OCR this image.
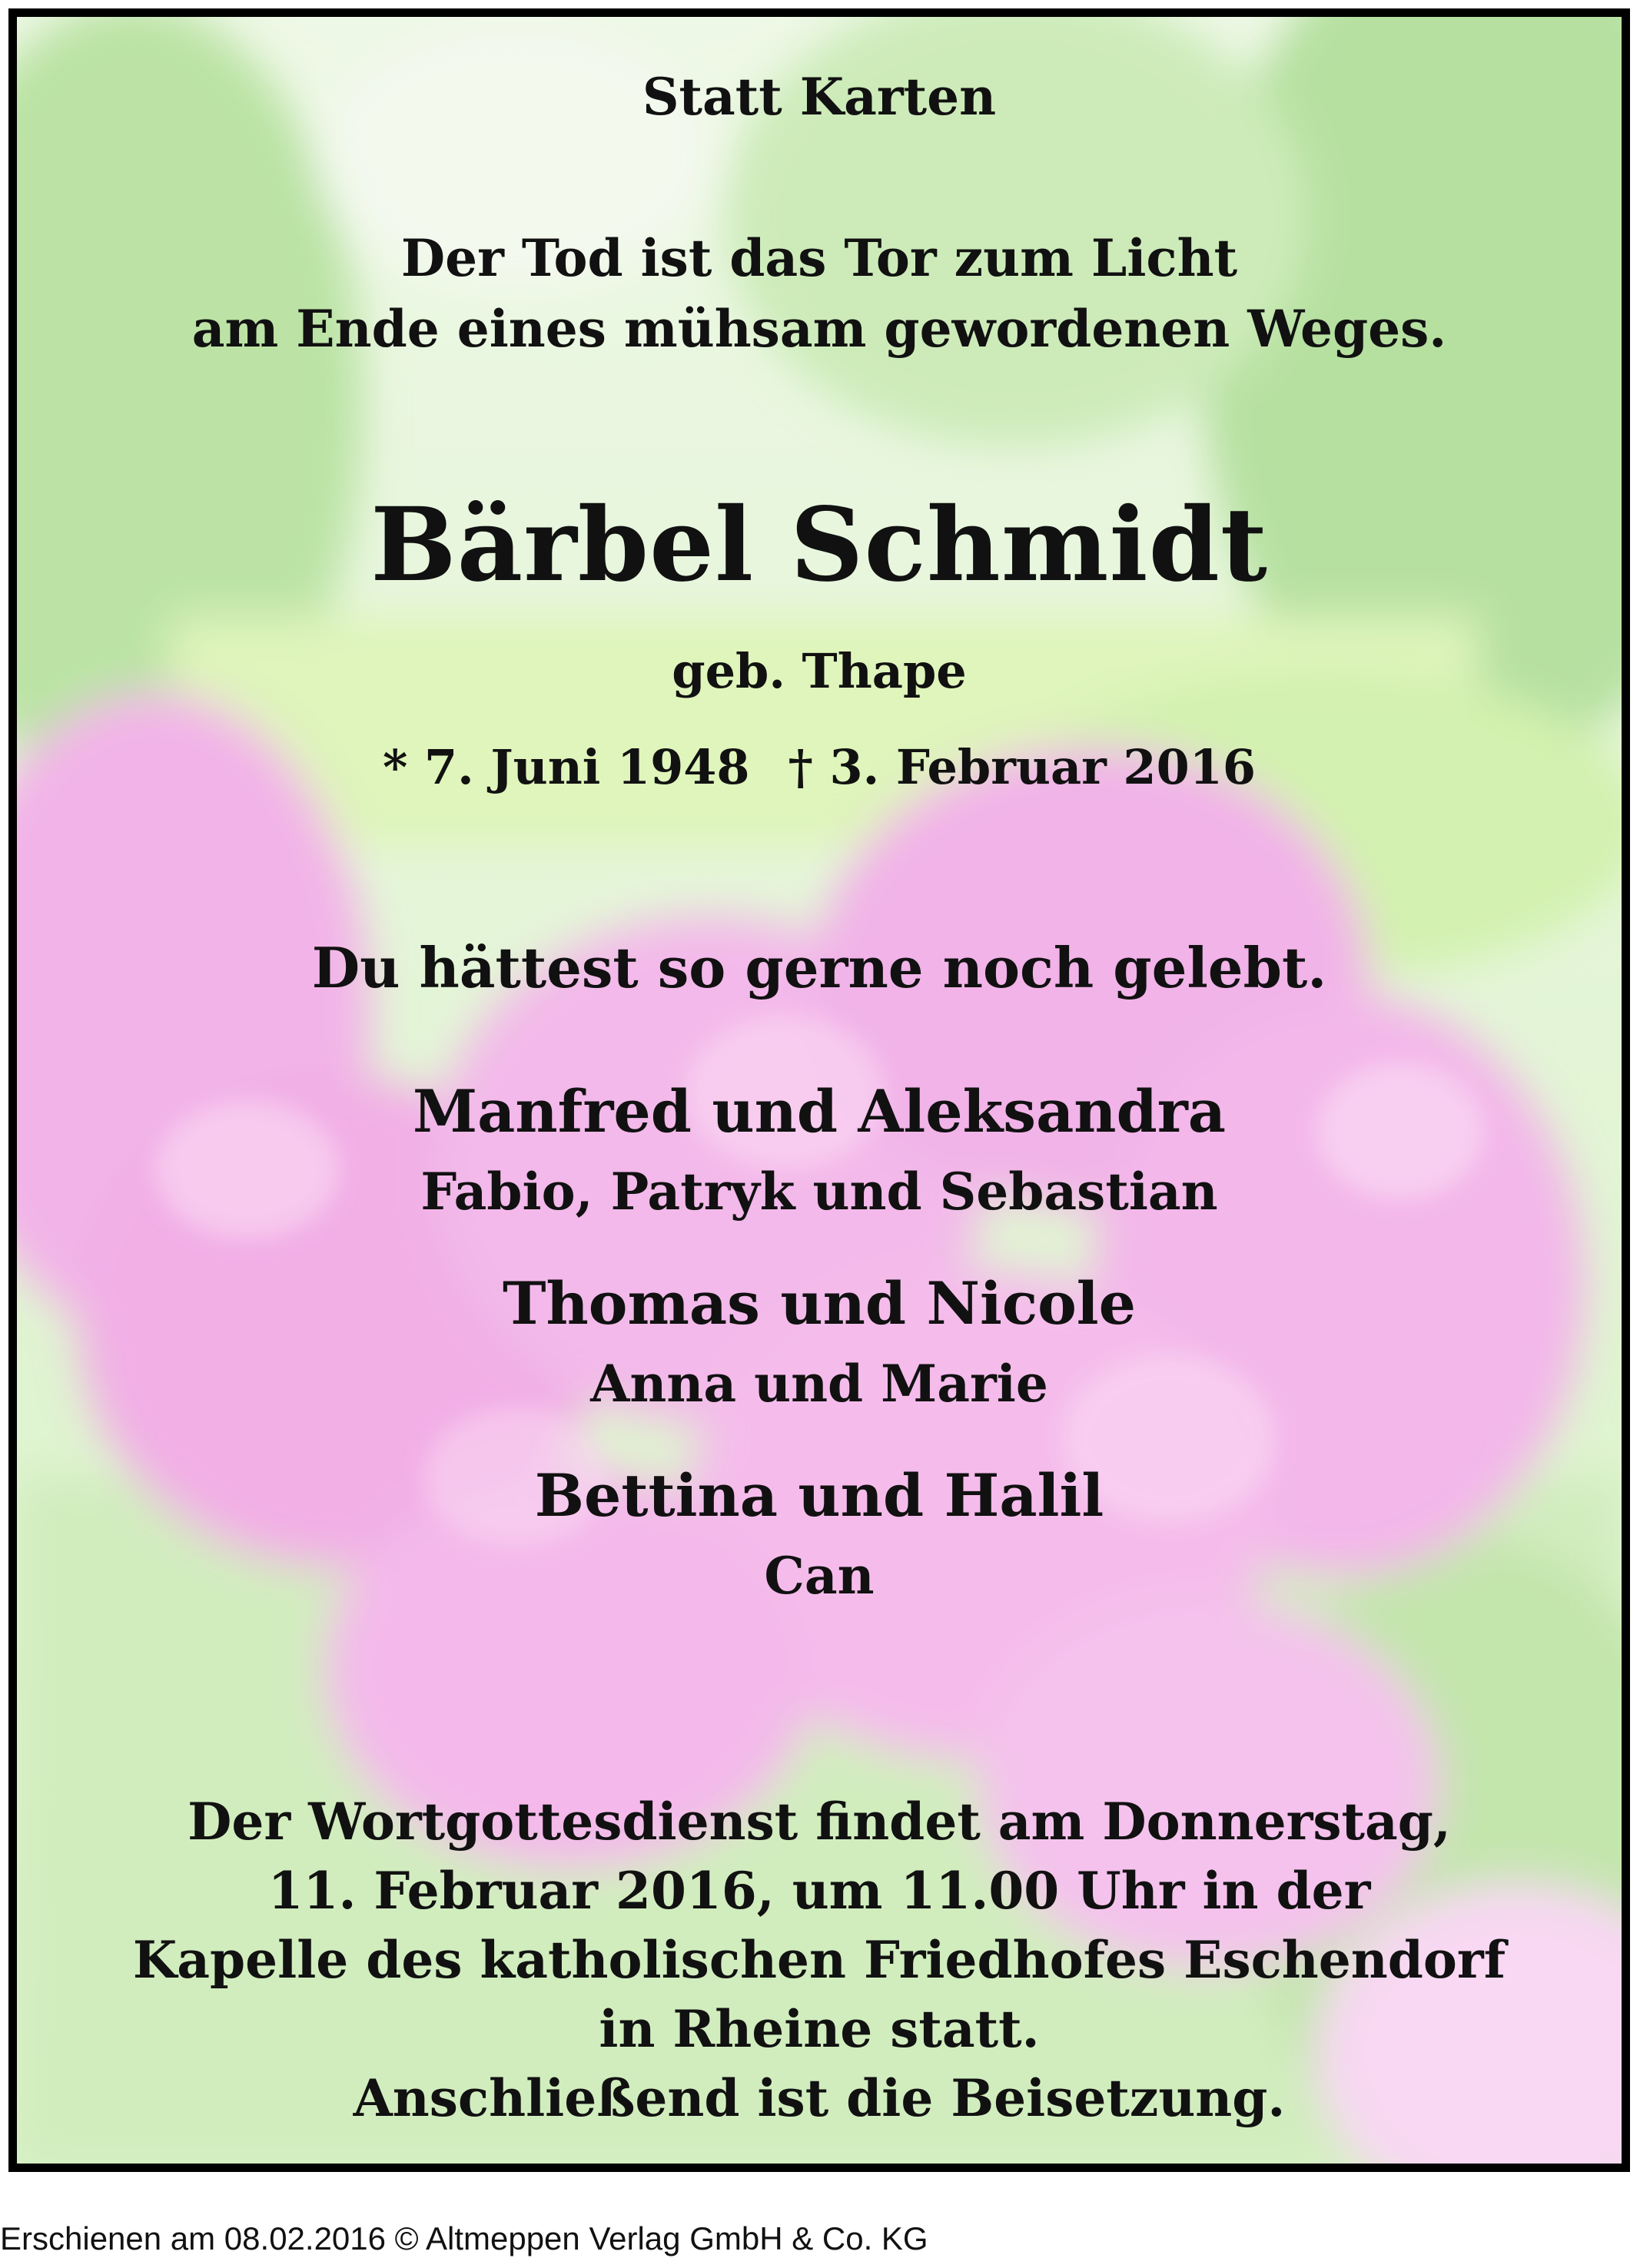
Statt Karten
Der Tod ist das Tor zum Licht
am Ende eines mühsam gewordenen Weges.
Bärbel Schmidt
geb. Thape
* 7. Juni 1948 † 3. Februar 2016
Du hättest so gerne noch gelebt.
Manfred und Aleksandra
Fabio, Patryk und Sebastian
Thomas und Nicole
Anna und Marie
Bettina und Halil
Can
Der Wortgottesdienst findet am Donnerstag,
11. Februar 2016, um 11.00 Uhr in der
Kapelle des katholischen Friedhofes Eschendorf
in Rheine statt.
Anschließend ist die Beisetzung.
Erschienen am 08.02.2016 © Altmeppen Verlag GmbH & Co. KG
